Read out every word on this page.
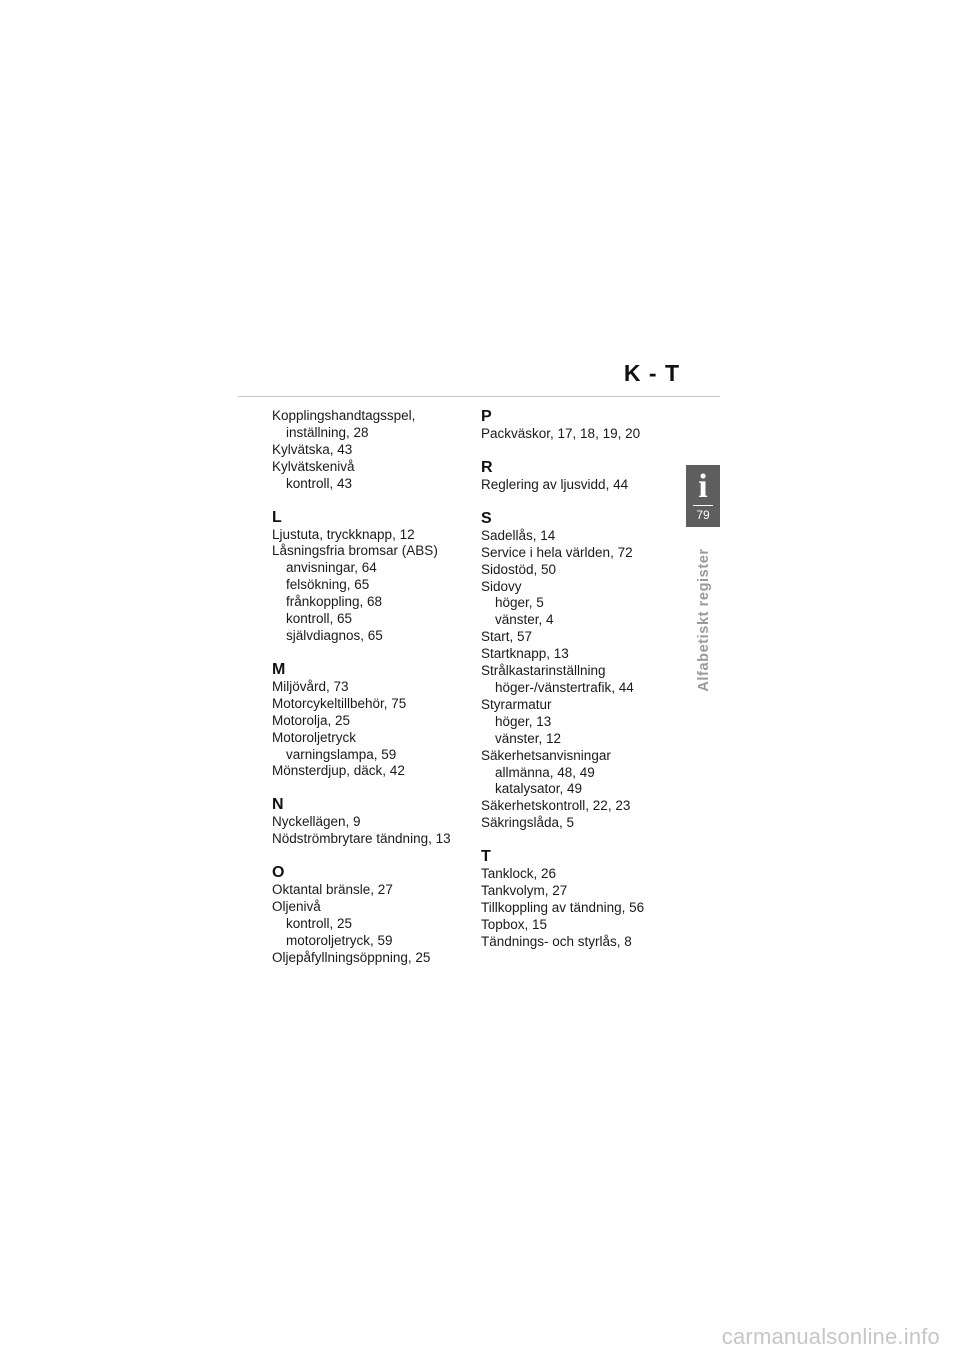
K - T
Kopplingshandtagsspel,
inställning, 28
Kylvätska, 43
Kylvätskenivå
kontroll, 43
L
Ljustuta, tryckknapp, 12
Låsningsfria bromsar (ABS)
anvisningar, 64
felsökning, 65
frånkoppling, 68
kontroll, 65
självdiagnos, 65
M
Miljövård, 73
Motorcykeltillbehör, 75
Motorolja, 25
Motoroljetryck
varningslampa, 59
Mönsterdjup, däck, 42
N
Nyckellägen, 9
Nödströmbrytare tändning, 13
O
Oktantal bränsle, 27
Oljenivå
kontroll, 25
motoroljetryck, 59
Oljepåfyllningsöppning, 25
P
Packväskor, 17, 18, 19, 20
R
Reglering av ljusvidd, 44
S
Sadellås, 14
Service i hela världen, 72
Sidostöd, 50
Sidovy
höger, 5
vänster, 4
Start, 57
Startknapp, 13
Strålkastarinställning
höger-/vänstertrafik, 44
Styrarmatur
höger, 13
vänster, 12
Säkerhetsanvisningar
allmänna, 48, 49
katalysator, 49
Säkerhetskontroll, 22, 23
Säkringslåda, 5
T
Tanklock, 26
Tankvolym, 27
Tillkoppling av tändning, 56
Topbox, 15
Tändnings- och styrlås, 8
i
79
Alfabetiskt register
carmanualsonline.info
